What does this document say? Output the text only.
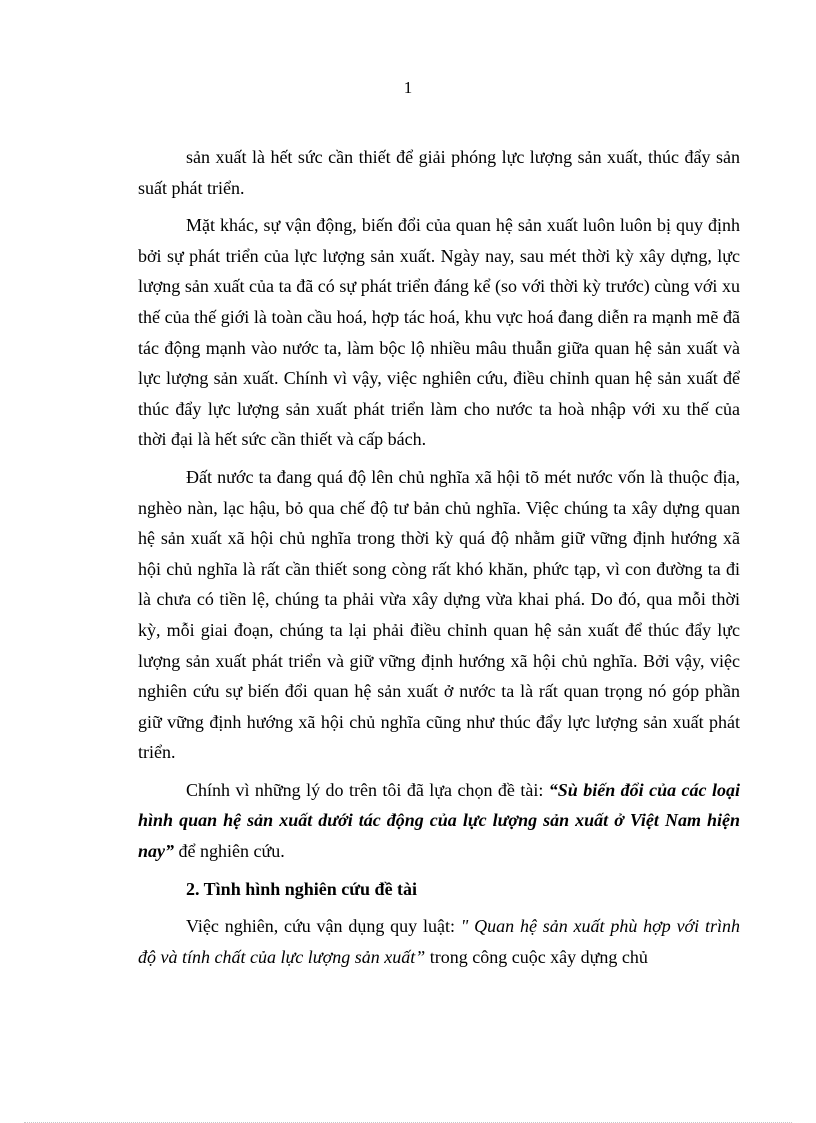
1

sản xuất là hết sức cần thiết để giải phóng lực lượng sản xuất, thúc đẩy sản suất phát triển.

Mặt khác, sự vận động, biến đổi của quan hệ sản xuất luôn luôn bị quy định bởi sự phát triển của lực lượng sản xuất. Ngày nay, sau mét thời kỳ xây dựng, lực lượng sản xuất của ta đã có sự phát triển đáng kể (so với thời kỳ trước) cùng với xu thế của thế giới là toàn cầu hoá, hợp tác hoá, khu vực hoá đang diễn ra mạnh mẽ đã tác động mạnh vào nước ta, làm bộc lộ nhiều mâu thuẫn giữa quan hệ sản xuất và lực lượng sản xuất. Chính vì vậy, việc nghiên cứu, điều chỉnh quan hệ sản xuất để thúc đẩy lực lượng sản xuất phát triển làm cho nước ta hoà nhập với xu thế của thời đại là hết sức cần thiết và cấp bách.

Đất nước ta đang quá độ lên chủ nghĩa xã hội tõ mét nước vốn là thuộc địa, nghèo nàn, lạc hậu, bỏ qua chế độ tư bản chủ nghĩa. Việc chúng ta xây dựng quan hệ sản xuất xã hội chủ nghĩa trong thời kỳ quá độ nhằm giữ vững định hướng xã hội chủ nghĩa là rất cần thiết song còng rất khó khăn, phức tạp, vì con đường ta đi là chưa có tiền lệ, chúng ta phải vừa xây dựng vừa khai phá. Do đó, qua mỗi thời kỳ, mỗi giai đoạn, chúng ta lại phải điều chỉnh quan hệ sản xuất để thúc đẩy lực lượng sản xuất phát triển và giữ vững định hướng xã hội chủ nghĩa. Bởi vậy, việc nghiên cứu sự biến đổi quan hệ sản xuất ở nước ta là rất quan trọng nó góp phần giữ vững định hướng xã hội chủ nghĩa cũng như thúc đẩy lực lượng sản xuất phát triển.

Chính vì những lý do trên tôi đã lựa chọn đề tài: “Sù biến đổi của các loại hình quan hệ sản xuất dưới tác động của lực lượng sản xuất ở Việt Nam hiện nay” để nghiên cứu.

2. Tình hình nghiên cứu đề tài

Việc nghiên, cứu vận dụng quy luật: " Quan hệ sản xuất phù hợp với trình độ và tính chất của lực lượng sản xuất” trong công cuộc xây dựng chủ
